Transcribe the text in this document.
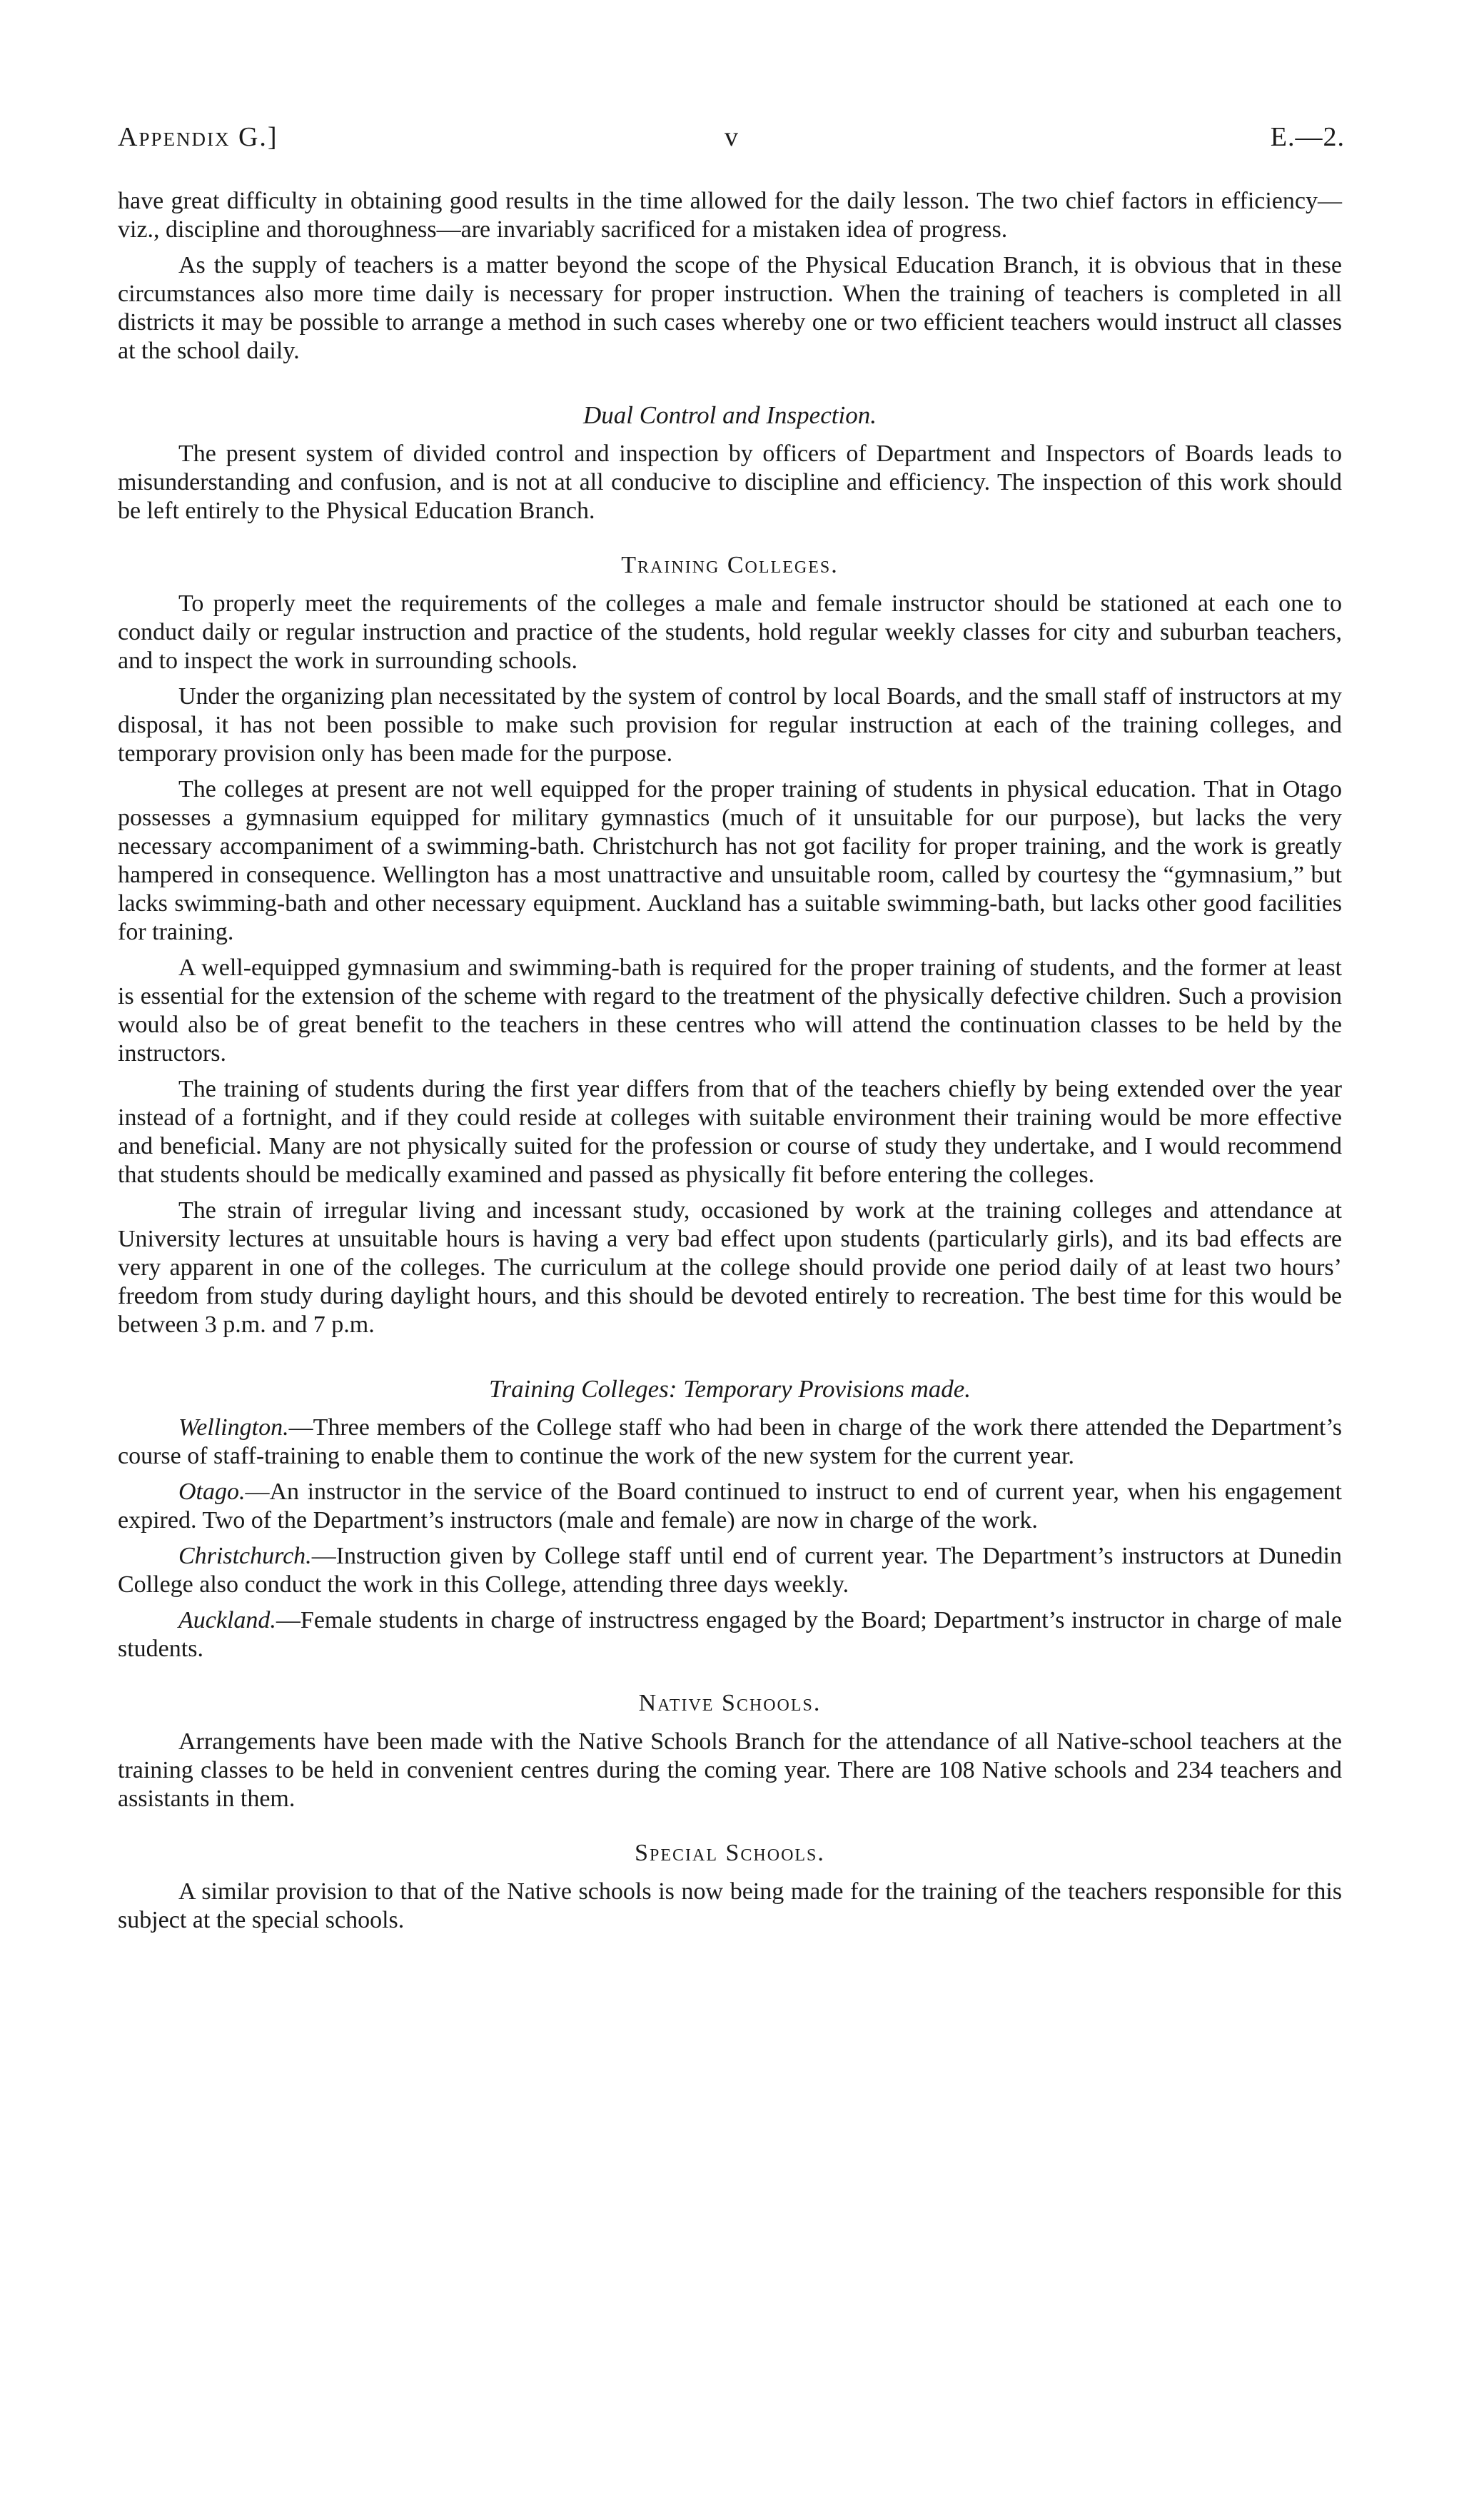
Appendix G.]	v	E.—2.

have great difficulty in obtaining good results in the time allowed for the daily lesson. The two chief factors in efficiency—viz., discipline and thoroughness—are invariably sacrificed for a mistaken idea of progress.

As the supply of teachers is a matter beyond the scope of the Physical Education Branch, it is obvious that in these circumstances also more time daily is necessary for proper instruction. When the training of teachers is completed in all districts it may be possible to arrange a method in such cases whereby one or two efficient teachers would instruct all classes at the school daily.

Dual Control and Inspection.

The present system of divided control and inspection by officers of Department and Inspectors of Boards leads to misunderstanding and confusion, and is not at all conducive to discipline and efficiency. The inspection of this work should be left entirely to the Physical Education Branch.

Training Colleges.

To properly meet the requirements of the colleges a male and female instructor should be stationed at each one to conduct daily or regular instruction and practice of the students, hold regular weekly classes for city and suburban teachers, and to inspect the work in surrounding schools.

Under the organizing plan necessitated by the system of control by local Boards, and the small staff of instructors at my disposal, it has not been possible to make such provision for regular instruction at each of the training colleges, and temporary provision only has been made for the purpose.

The colleges at present are not well equipped for the proper training of students in physical education. That in Otago possesses a gymnasium equipped for military gymnastics (much of it unsuitable for our purpose), but lacks the very necessary accompaniment of a swimming-bath. Christchurch has not got facility for proper training, and the work is greatly hampered in consequence. Wellington has a most unattractive and unsuitable room, called by courtesy the “gymnasium,” but lacks swimming-bath and other necessary equipment. Auckland has a suitable swimming-bath, but lacks other good facilities for training.

A well-equipped gymnasium and swimming-bath is required for the proper training of students, and the former at least is essential for the extension of the scheme with regard to the treatment of the physically defective children. Such a provision would also be of great benefit to the teachers in these centres who will attend the continuation classes to be held by the instructors.

The training of students during the first year differs from that of the teachers chiefly by being extended over the year instead of a fortnight, and if they could reside at colleges with suitable environment their training would be more effective and beneficial. Many are not physically suited for the profession or course of study they undertake, and I would recommend that students should be medically examined and passed as physically fit before entering the colleges.

The strain of irregular living and incessant study, occasioned by work at the training colleges and attendance at University lectures at unsuitable hours is having a very bad effect upon students (particularly girls), and its bad effects are very apparent in one of the colleges. The curriculum at the college should provide one period daily of at least two hours’ freedom from study during daylight hours, and this should be devoted entirely to recreation. The best time for this would be between 3 p.m. and 7 p.m.

Training Colleges: Temporary Provisions made.

Wellington.—Three members of the College staff who had been in charge of the work there attended the Department’s course of staff-training to enable them to continue the work of the new system for the current year.

Otago.—An instructor in the service of the Board continued to instruct to end of current year, when his engagement expired. Two of the Department’s instructors (male and female) are now in charge of the work.

Christchurch.—Instruction given by College staff until end of current year. The Department’s instructors at Dunedin College also conduct the work in this College, attending three days weekly.

Auckland.—Female students in charge of instructress engaged by the Board; Department’s instructor in charge of male students.

Native Schools.

Arrangements have been made with the Native Schools Branch for the attendance of all Native-school teachers at the training classes to be held in convenient centres during the coming year. There are 108 Native schools and 234 teachers and assistants in them.

Special Schools.

A similar provision to that of the Native schools is now being made for the training of the teachers responsible for this subject at the special schools.
